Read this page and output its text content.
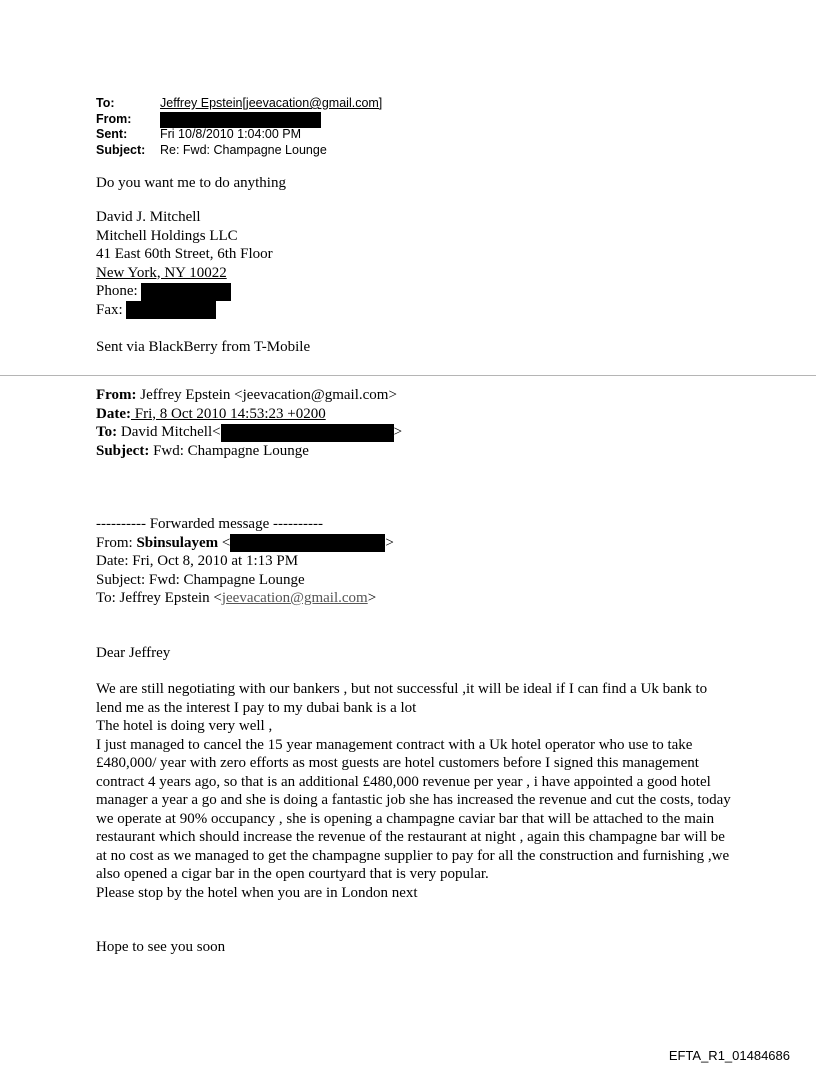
To:	Jeffrey Epstein[jeevacation@gmail.com]
From:
Sent:	Fri 10/8/2010 1:04:00 PM
Subject:	Re: Fwd: Champagne Lounge
Do you want me to do anything
David J. Mitchell
Mitchell Holdings LLC
41 East 60th Street, 6th Floor
New York, NY 10022
Phone:
Fax:
Sent via BlackBerry from T-Mobile
From: Jeffrey Epstein <jeevacation@gmail.com>
Date: Fri, 8 Oct 2010 14:53:23 +0200
To: David Mitchell<	>
Subject: Fwd: Champagne Lounge
---------- Forwarded message ----------
From: Sbinsulayem <	>
Date: Fri, Oct 8, 2010 at 1:13 PM
Subject: Fwd: Champagne Lounge
To: Jeffrey Epstein <jeevacation@gmail.com>
Dear Jeffrey

We are still negotiating with our bankers , but not successful ,it will be ideal if I can find a Uk bank to lend me as the interest I pay to my dubai bank is a lot

The hotel is doing very well ,

I just managed to cancel the 15 year management contract with a Uk hotel operator who use to take £480,000/ year with zero efforts as most guests are hotel customers before I signed this management contract 4 years ago, so that is an additional £480,000 revenue per year , i have appointed a good hotel manager a year a go and she is doing a fantastic job she has increased the revenue and cut the costs, today we operate at 90% occupancy , she is opening a champagne caviar bar that will be attached to the main restaurant which should increase the revenue of the restaurant at night , again this champagne bar will be at no cost as we managed to get the champagne supplier to pay for all the construction and furnishing ,we also opened a cigar bar in the open courtyard that is very popular.

Please stop by the hotel when you are in London next

Hope to see you soon
EFTA_R1_01484686
